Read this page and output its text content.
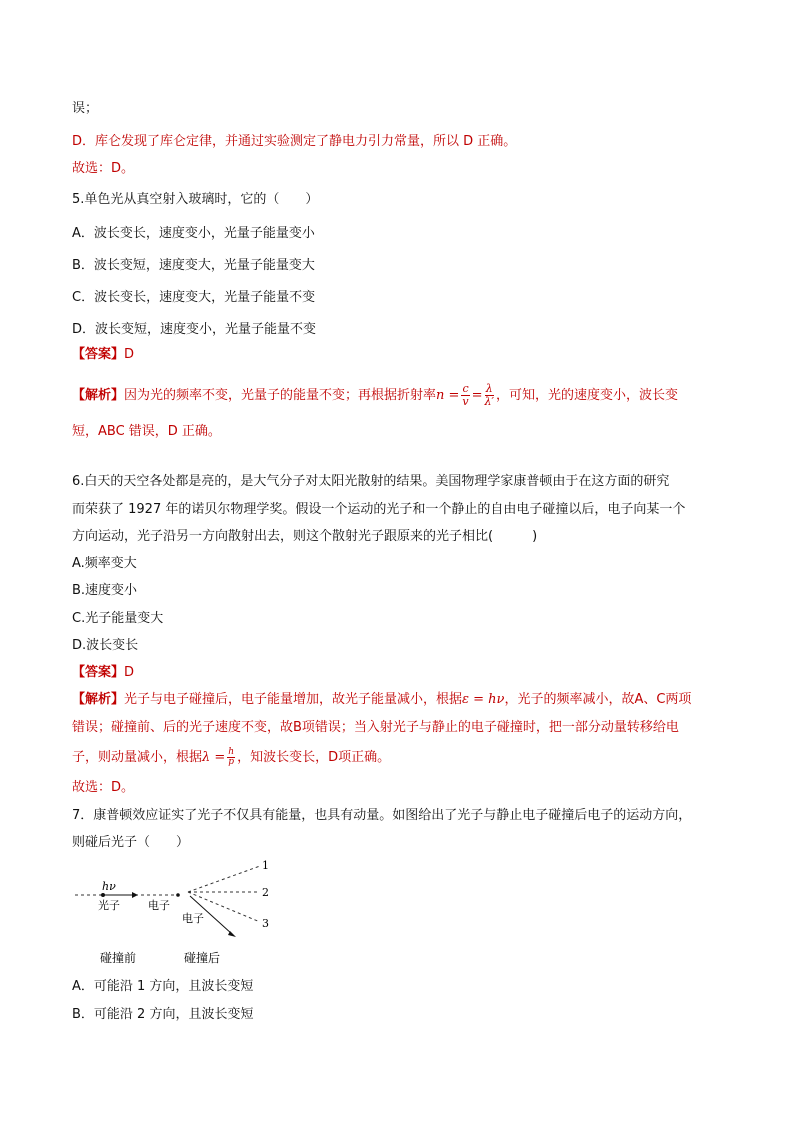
误；
D．库仑发现了库仑定律，并通过实验测定了静电力引力常量，所以 D 正确。
故选：D。
5.单色光从真空射入玻璃时，它的（　　）
A．波长变长，速度变小，光量子能量变小
B．波长变短，速度变大，光量子能量变大
C．波长变长，速度变大，光量子能量不变
D．波长变短，速度变小，光量子能量不变
【答案】D
【解析】因为光的频率不变，光量子的能量不变；再根据折射率$n = \frac{c}{v} = \frac{\lambda}{\lambda'}$ ，可知，光的速度变小，波长变
短，ABC 错误，D 正确。
6.白天的天空各处都是亮的，是大气分子对太阳光散射的结果。美国物理学家康普顿由于在这方面的研究
而荣获了 1927 年的诺贝尔物理学奖。假设一个运动的光子和一个静止的自由电子碰撞以后，电子向某一个
方向运动，光子沿另一方向散射出去，则这个散射光子跟原来的光子相比(　　　)
A.频率变大
B.速度变小
C.光子能量变大
D.波长变长
【答案】D
【解析】光子与电子碰撞后，电子能量增加，故光子能量减小，根据ε = hν，光子的频率减小，故A、C两项
错误；碰撞前、后的光子速度不变，故B项错误；当入射光子与静止的电子碰撞时，把一部分动量转移给电
子，则动量减小，根据$\lambda = \frac{h}{p}$ ，知波长变长，D项正确。
故选：D。
7．康普顿效应证实了光子不仅具有能量，也具有动量。如图给出了光子与静止电子碰撞后电子的运动方向，
则碰后光子（　　）
hν
光子	电子
1
2
3
电子
碰撞前	碰撞后
A．可能沿 1 方向，且波长变短
B．可能沿 2 方向，且波长变短
